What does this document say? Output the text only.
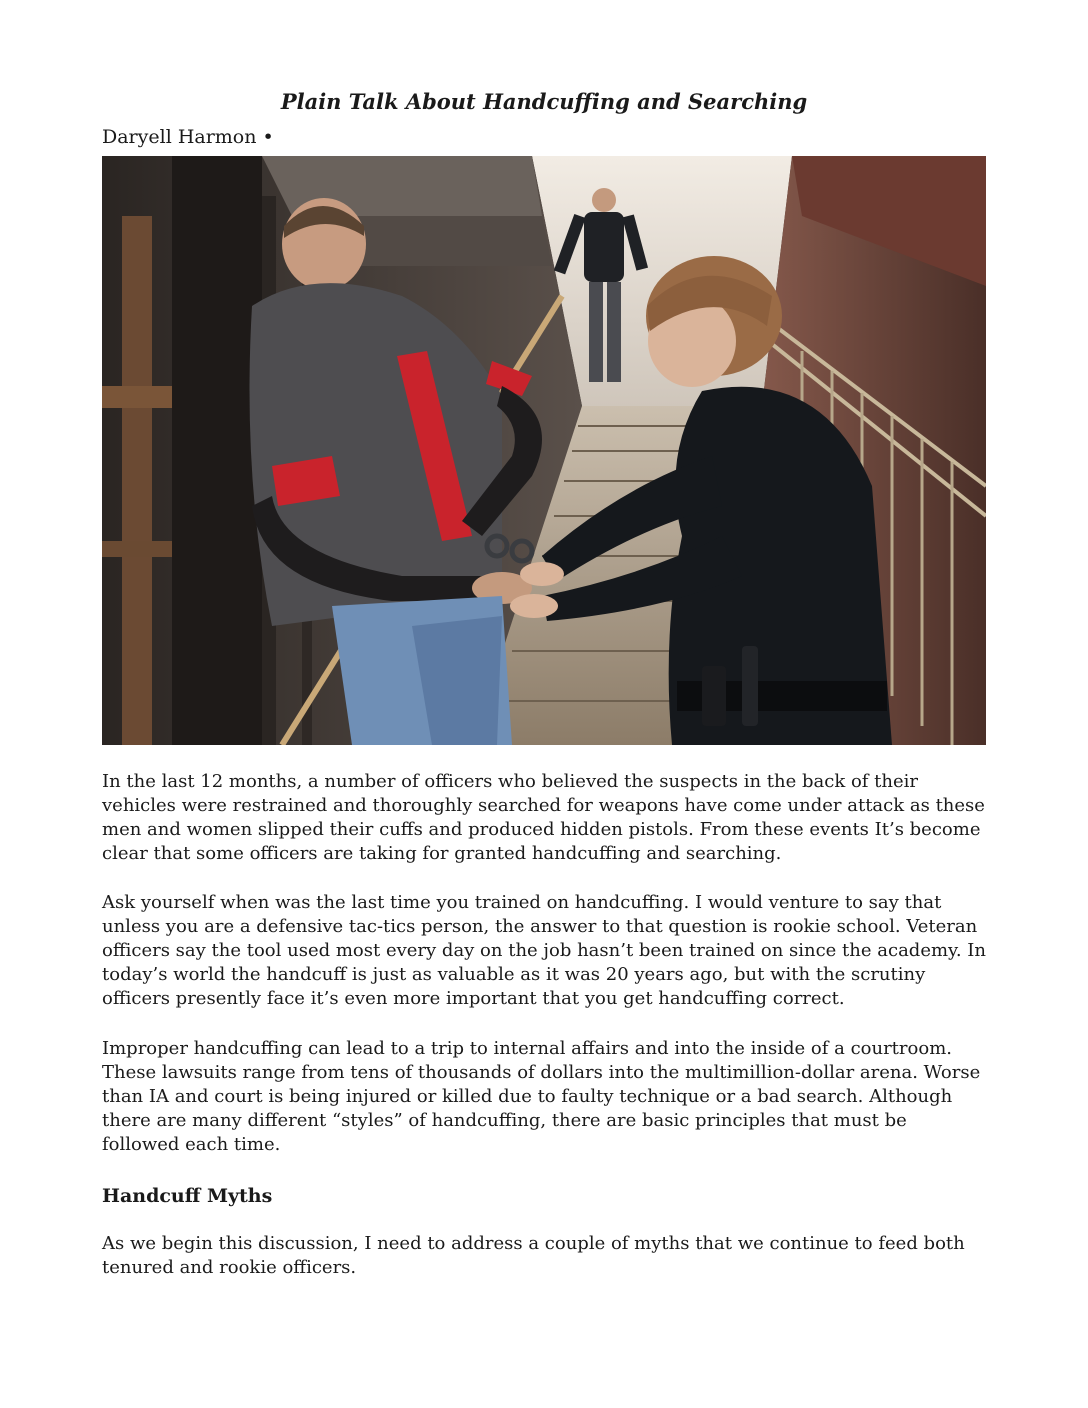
Plain Talk About Handcuffing and Searching

Daryell Harmon •

In the last 12 months, a number of officers who believed the suspects in the back of their vehicles were restrained and thoroughly searched for weapons have come under attack as these men and women slipped their cuffs and produced hidden pistols. From these events It’s become clear that some officers are taking for granted handcuffing and searching.

Ask yourself when was the last time you trained on handcuffing. I would venture to say that unless you are a defensive tac-tics person, the answer to that question is rookie school. Veteran officers say the tool used most every day on the job hasn’t been trained on since the academy. In today’s world the handcuff is just as valuable as it was 20 years ago, but with the scrutiny officers presently face it’s even more important that you get handcuffing correct.

Improper handcuffing can lead to a trip to internal affairs and into the inside of a courtroom. These lawsuits range from tens of thousands of dollars into the multimillion-dollar arena. Worse than IA and court is being injured or killed due to faulty technique or a bad search. Although there are many different “styles” of handcuffing, there are basic principles that must be followed each time.

Handcuff Myths

As we begin this discussion, I need to address a couple of myths that we continue to feed both tenured and rookie officers.
